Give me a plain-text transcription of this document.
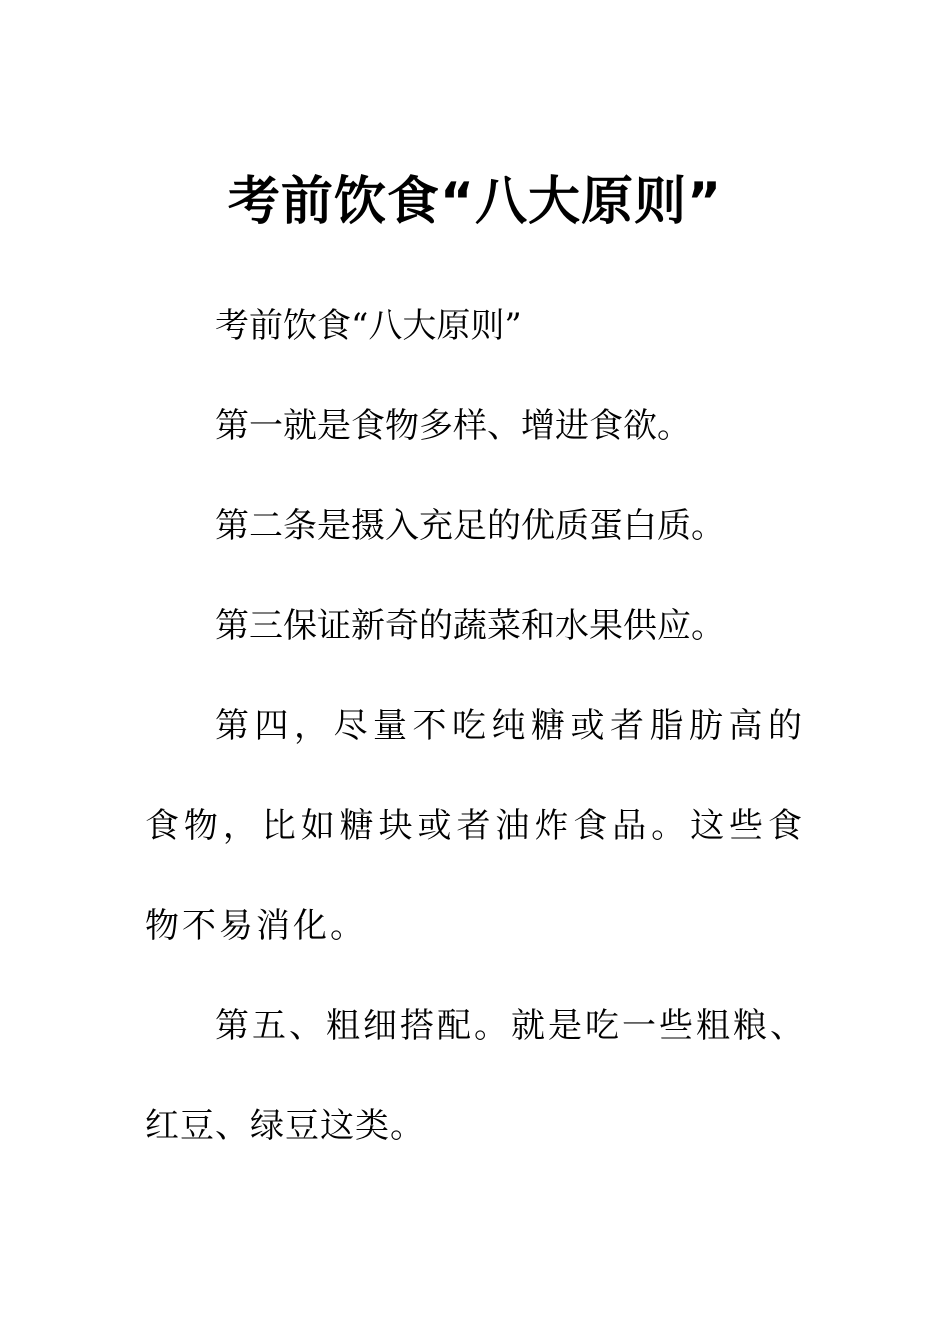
考前饮食“八大原则”

考前饮食“八大原则”

第一就是食物多样、增进食欲。

第二条是摄入充足的优质蛋白质。

第三保证新奇的蔬菜和水果供应。

第四，尽量不吃纯糖或者脂肪高的食物，比如糖块或者油炸食品。这些食物不易消化。

第五、粗细搭配。就是吃一些粗粮、红豆、绿豆这类。
